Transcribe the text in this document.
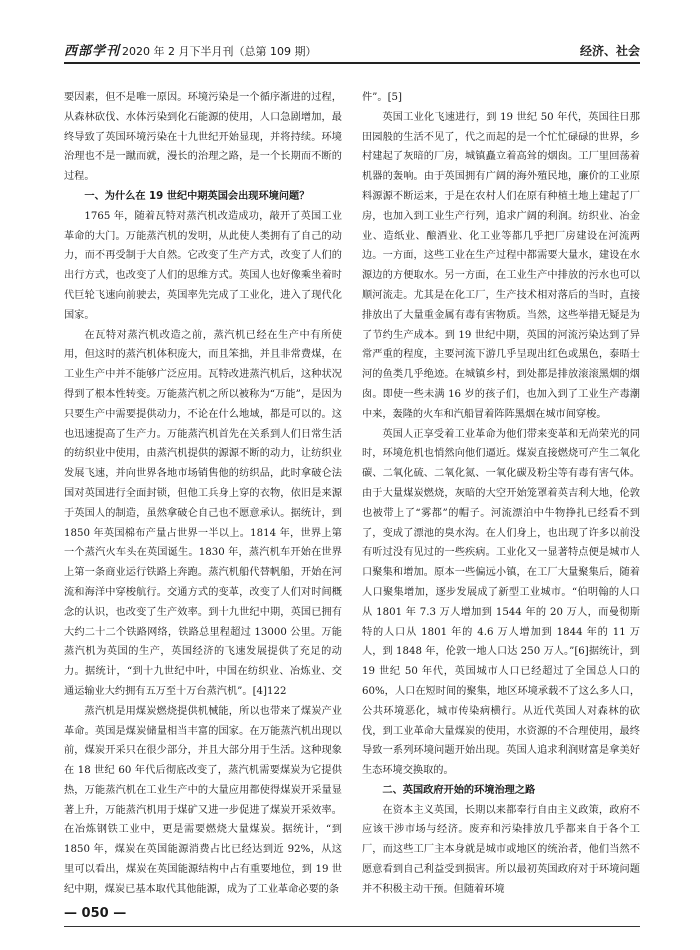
西部学刊 2020 年 2 月下半月刊（总第 109 期）	经济、社会

要因素，但不是唯一原因。环境污染是一个循序渐进的过程，从森林砍伐、水体污染到化石能源的使用，人口急剧增加，最终导致了英国环境污染在十九世纪开始显现，并将持续。环境治理也不是一蹴而就，漫长的治理之路，是一个长期而不断的过程。

一、为什么在 19 世纪中期英国会出现环境问题？

1765 年，随着瓦特对蒸汽机改造成功，敲开了英国工业革命的大门。万能蒸汽机的发明，从此使人类拥有了自己的动力，而不再受制于大自然。它改变了生产方式，改变了人们的出行方式，也改变了人们的思维方式。英国人也好像乘坐着时代巨轮飞速向前驶去，英国率先完成了工业化，进入了现代化国家。

在瓦特对蒸汽机改造之前，蒸汽机已经在生产中有所使用，但这时的蒸汽机体积庞大，而且笨拙，并且非常费煤，在工业生产中并不能够广泛应用。瓦特改进蒸汽机后，这种状况得到了根本性转变。万能蒸汽机之所以被称为“万能”，是因为只要生产中需要提供动力，不论在什么地域，都是可以的。这也迅速提高了生产力。万能蒸汽机首先在关系到人们日常生活的纺织业中使用，由蒸汽机提供的源源不断的动力，让纺织业发展飞速，并向世界各地市场销售他的纺织品，此时拿破仑法国对英国进行全面封锁，但他工兵身上穿的衣物，依旧是来源于英国人的制造，虽然拿破仑自己也不愿意承认。据统计，到 1850 年英国棉布产量占世界一半以上。1814 年，世界上第一个蒸汽火车头在英国诞生。1830 年，蒸汽机车开始在世界上第一条商业运行铁路上奔跑。蒸汽机船代替帆船，开始在河流和海洋中穿梭航行。交通方式的变革，改变了人们对时间概念的认识，也改变了生产效率。到十九世纪中期，英国已拥有大约二十二个铁路网络，铁路总里程超过 13000 公里。万能蒸汽机为英国的生产，英国经济的飞速发展提供了充足的动力。据统计，“到十九世纪中叶，中国在纺织业、冶炼业、交通运输业大约拥有五万至十万台蒸汽机”。[4]122

蒸汽机是用煤炭燃烧提供机械能，所以也带来了煤炭产业革命。英国是煤炭储量相当丰富的国家。在万能蒸汽机出现以前，煤炭开采只在很少部分，并且大部分用于生活。这种现象在 18 世纪 60 年代后彻底改变了，蒸汽机需要煤炭为它提供热，万能蒸汽机在工业生产中的大量应用都使得煤炭开采量显著上升，万能蒸汽机用于煤矿又进一步促进了煤炭开采效率。在冶炼钢铁工业中，更是需要燃烧大量煤炭。据统计，“到 1850 年，煤炭在英国能源消费占比已经达到近 92%，从这里可以看出，煤炭在英国能源结构中占有重要地位，到 19 世纪中期，煤炭已基本取代其他能源，成为了工业革命必要的条

件”。[5]

英国工业化飞速进行，到 19 世纪 50 年代，英国往日那田园般的生活不见了，代之而起的是一个忙忙碌碌的世界，乡村建起了灰暗的厂房，城镇矗立着高耸的烟囱。工厂里回荡着机器的轰响。由于英国拥有广阔的海外殖民地，廉价的工业原料源源不断运来，于是在农村人们在原有种植土地上建起了厂房，也加入到工业生产行列，追求广阔的利润。纺织业、冶金业、造纸业、酿酒业、化工业等都几乎把厂房建设在河流两边。一方面，这些工业在生产过程中都需要大量水，建设在水源边的方便取水。另一方面，在工业生产中排放的污水也可以顺河流走。尤其是在化工厂，生产技术相对落后的当时，直接排放出了大量重金属有毒有害物质。当然，这些举措无疑是为了节约生产成本。到 19 世纪中期，英国的河流污染达到了异常严重的程度，主要河流下游几乎呈现出红色或黑色，泰晤士河的鱼类几乎绝迹。在城镇乡村，到处都是排放滚滚黑烟的烟囱。即使一些未满 16 岁的孩子们，也加入到了工业生产毒潮中来，轰隆的火车和汽船冒着阵阵黑烟在城市间穿梭。

英国人正享受着工业革命为他们带来变革和无尚荣光的同时，环境危机也悄然向他们逼近。煤炭直接燃烧可产生二氧化碳、二氧化硫、二氧化氮、一氧化碳及粉尘等有毒有害气体。由于大量煤炭燃烧，灰暗的大空开始笼罩着英吉利大地，伦敦也被带上了“雾都”的帽子。河流漂泊中牛物挣扎已经看不到了，变成了漂池的臭水沟。在人们身上，也出现了许多以前没有听过没有见过的一些疾病。工业化又一显著特点便是城市人口聚集和增加。原本一些偏远小镇，在工厂大量聚集后，随着人口聚集增加，逐步发展成了新型工业城市。“伯明翰的人口从 1801 年 7.3 万人增加到 1544 年的 20 万人，而曼彻斯特的人口从 1801 年的 4.6 万人增加到 1844 年的 11 万人，到 1848 年，伦敦一地人口达 250 万人。”[6]据统计，到 19 世纪 50 年代，英国城市人口已经超过了全国总人口的 60%，人口在短时间的聚集，地区环境承载不了这么多人口，公共环境恶化，城市传染病横行。从近代英国人对森林的砍伐，到工业革命大量煤炭的使用，水资源的不合理使用，最终导致一系列环境问题开始出现。英国人追求利润财富是拿美好生态环境交换取的。

二、英国政府开始的环境治理之路

在资本主义英国，长期以来都奉行自由主义政策，政府不应该干涉市场与经济。废弃和污染排放几乎都来自于各个工厂，而这些工厂主本身就是城市或地区的统治者，他们当然不愿意看到自己利益受到损害。所以最初英国政府对于环境问题并不积极主动干预。但随着环境

— 050 —
